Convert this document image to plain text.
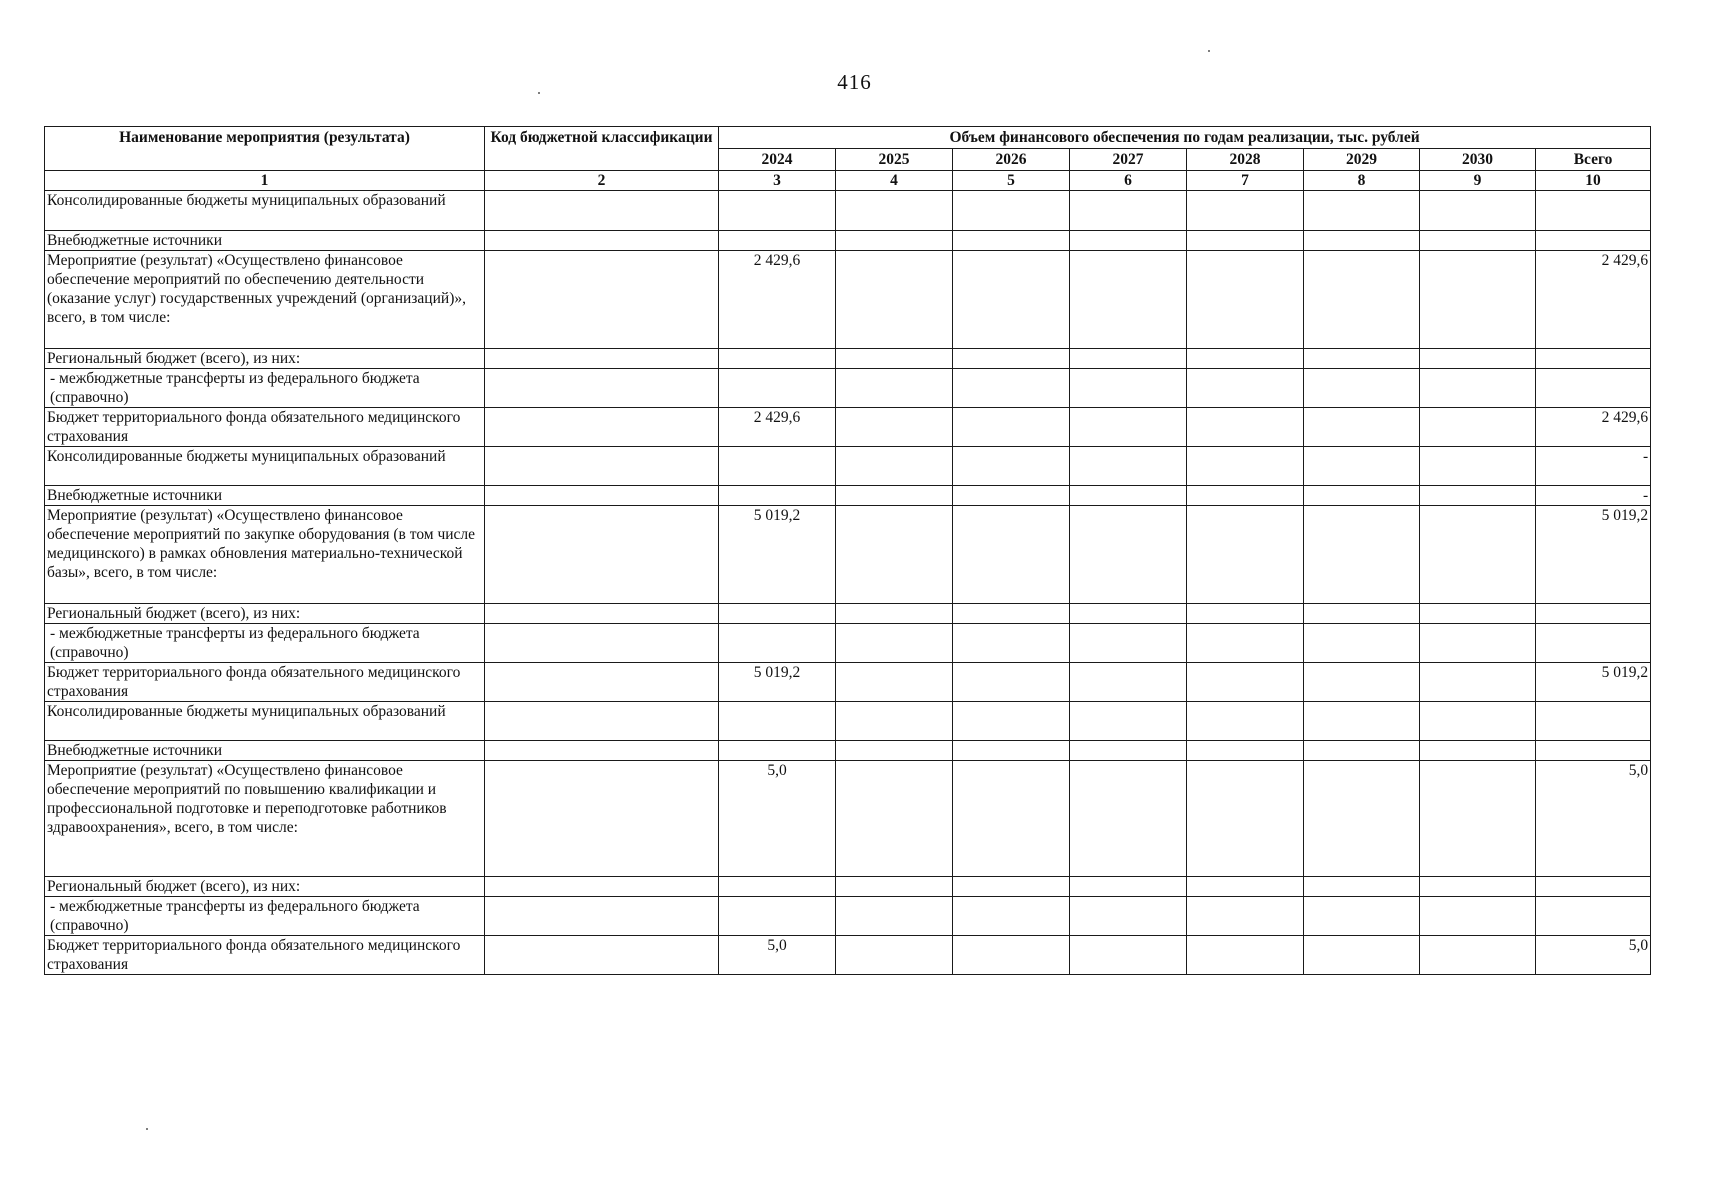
416
Наименование мероприятия (результата)	Код бюджетной классификации	Объем финансового обеспечения по годам реализации, тыс. рублей							
		2024	2025	2026	2027	2028	2029	2030	Всего
1	2	3	4	5	6	7	8	9	10
Консолидированные бюджеты муниципальных образований									
Внебюджетные источники									
Мероприятие (результат) «Осуществлено финансовое обеспечение мероприятий по обеспечению деятельности (оказание услуг) государственных учреждений (организаций)», всего, в том числе:		2 429,6							2 429,6
Региональный бюджет (всего), из них:									
- межбюджетные трансферты из федерального бюджета (справочно)									
Бюджет территориального фонда обязательного медицинского страхования		2 429,6							2 429,6
Консолидированные бюджеты муниципальных образований									-
Внебюджетные источники									-
Мероприятие (результат) «Осуществлено финансовое обеспечение мероприятий по закупке оборудования (в том числе медицинского) в рамках обновления материально-технической базы», всего, в том числе:		5 019,2							5 019,2
Региональный бюджет (всего), из них:									
- межбюджетные трансферты из федерального бюджета (справочно)									
Бюджет территориального фонда обязательного медицинского страхования		5 019,2							5 019,2
Консолидированные бюджеты муниципальных образований									
Внебюджетные источники									
Мероприятие (результат) «Осуществлено финансовое обеспечение мероприятий по повышению квалификации и профессиональной подготовке и переподготовке работников здравоохранения», всего, в том числе:		5,0							5,0
Региональный бюджет (всего), из них:									
- межбюджетные трансферты из федерального бюджета (справочно)									
Бюджет территориального фонда обязательного медицинского страхования		5,0							5,0
